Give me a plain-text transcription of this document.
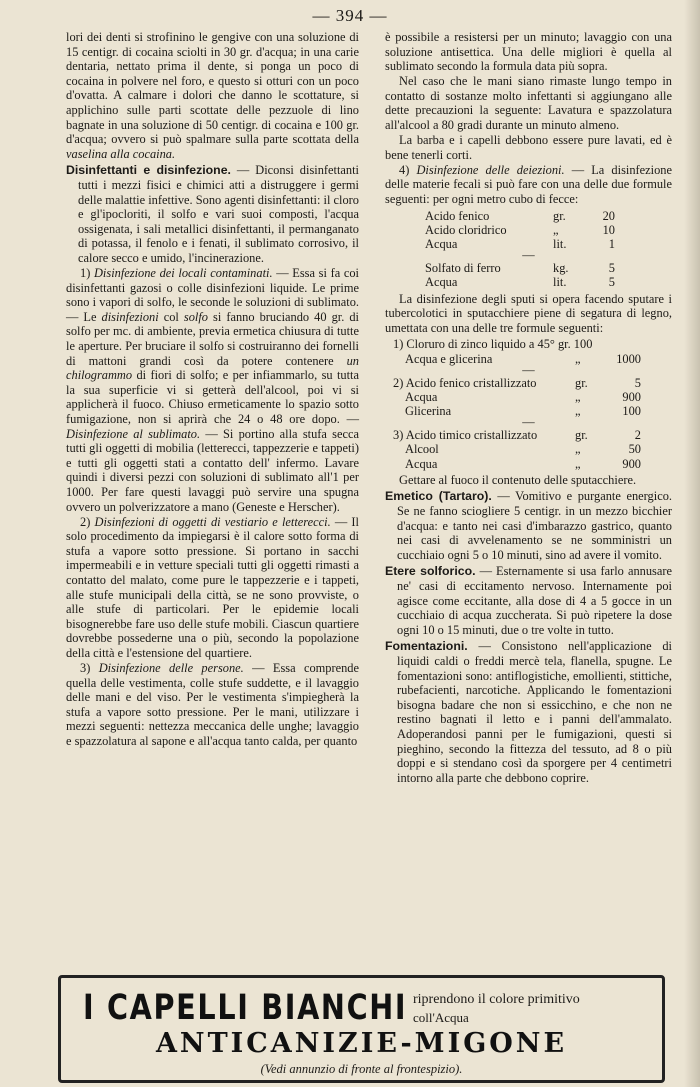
— 394 —

lori dei denti si strofinino le gengive con una soluzione di 15 centigr. di cocaina sciolti in 30 gr. d'acqua; in una carie dentaria, nettato prima il dente, si ponga un poco di cocaina in polvere nel foro, e questo si otturi con un poco d'ovatta. A calmare i dolori che danno le scottature, si applichino sulle parti scottate delle pezzuole di lino bagnate in una soluzione di 50 centigr. di cocaina e 100 gr. d'acqua; ovvero si può spalmare sulla parte scottata della vaselina alla cocaina.

Disinfettanti e disinfezione. — Diconsi disinfettanti tutti i mezzi fisici e chimici atti a distruggere i germi delle malattie infettive. Sono agenti disinfettanti: il cloro e gl'ipocloriti, il solfo e vari suoi composti, l'acqua ossigenata, i sali metallici disinfettanti, il permanganato di potassa, il fenolo e i fenati, il sublimato corrosivo, il calore secco e umido, l'incinerazione.

1) Disinfezione dei locali contaminati. — Essa si fa coi disinfettanti gazosi o colle disinfezioni liquide. Le prime sono i vapori di solfo, le seconde le soluzioni di sublimato. — Le disinfezioni col solfo si fanno bruciando 40 gr. di solfo per mc. di ambiente, previa ermetica chiusura di tutte le aperture. Per bruciare il solfo si costruiranno dei fornelli di mattoni grandi così da potere contenere un chilogrammo di fiori di solfo; e per infiammarlo, su tutta la sua superficie vi si getterà dell'alcool, poi vi si applicherà il fuoco. Chiuso ermeticamente lo spazio sotto fumigazione, non si aprirà che 24 o 48 ore dopo. — Disinfezione al sublimato. — Si portino alla stufa secca tutti gli oggetti di mobilia (letterecci, tappezzerie e tappeti) e tutti gli oggetti stati a contatto dell' infermo. Lavare quindi i diversi pezzi con soluzioni di sublimato all'1 per 1000. Per fare questi lavaggi può servire una spugna ovvero un polverizzatore a mano (Geneste e Herscher).

2) Disinfezioni di oggetti di vestiario e letterecci. — Il solo procedimento da impiegarsi è il calore sotto forma di stufa a vapore sotto pressione. Si portano in sacchi impermeabili e in vetture speciali tutti gli oggetti rimasti a contatto del malato, come pure le tappezzerie e i tappeti, alle stufe municipali della città, se ne sono provviste, o alle stufe di particolari. Per le epidemie locali bisognerebbe fare uso delle stufe mobili. Ciascun quartiere dovrebbe possederne una o più, secondo la popolazione della città e l'estensione del quartiere.

3) Disinfezione delle persone. — Essa comprende quella delle vestimenta, colle stufe suddette, e il lavaggio delle mani e del viso. Per le vestimenta s'impiegherà la stufa a vapore sotto pressione. Per le mani, utilizzare i mezzi seguenti: nettezza meccanica delle unghe; lavaggio e spazzolatura al sapone e all'acqua tanto calda, per quanto

è possibile a resistersi per un minuto; lavaggio con una soluzione antisettica. Una delle migliori è quella al sublimato secondo la formula data più sopra.

Nel caso che le mani siano rimaste lungo tempo in contatto di sostanze molto infettanti si aggiungano alle dette precauzioni la seguente: Lavatura e spazzolatura all'alcool a 80 gradi durante un minuto almeno.

La barba e i capelli debbono essere pure lavati, ed è bene tenerli corti.

4) Disinfezione delle deiezioni. — La disinfezione delle materie fecali si può fare con una delle due formule seguenti: per ogni metro cubo di fecce:

Acido fenico	gr.	20
Acido cloridrico	„	10
Acqua	lit.	1
—
Solfato di ferro	kg.	5
Acqua	lit.	5

La disinfezione degli sputi si opera facendo sputare i tubercolotici in sputacchiere piene di segatura di legno, umettata con una delle tre formule seguenti:

1) Cloruro di zinco liquido a 45° gr. 100
Acqua e glicerina	„	1000
—
2) Acido fenico cristallizzato	gr.	5
Acqua	„	900
Glicerina	„	100
—
3) Acido timico cristallizzato	gr.	2
Alcool	„	50
Acqua	„	900

Gettare al fuoco il contenuto delle sputacchiere.

Emetico (Tartaro). — Vomitivo e purgante energico. Se ne fanno sciogliere 5 centigr. in un mezzo bicchier d'acqua: e tanto nei casi d'imbarazzo gastrico, quanto nei casi di avvelenamento se ne somministri un cucchiaio ogni 5 o 10 minuti, sino ad avere il vomito.

Etere solforico. — Esternamente si usa farlo annusare ne' casi di eccitamento nervoso. Internamente poi agisce come eccitante, alla dose di 4 a 5 gocce in un cucchiaio di acqua zuccherata. Si può ripetere la dose ogni 10 o 15 minuti, due o tre volte in tutto.

Fomentazioni. — Consistono nell'applicazione di liquidi caldi o freddi mercè tela, flanella, spugne. Le fomentazioni sono: antiflogistiche, emollienti, stittiche, rubefacienti, narcotiche. Applicando le fomentazioni bisogna badare che non si essicchino, e che non ne restino bagnati il letto e i panni dell'ammalato. Adoperandosi panni per le fumigazioni, questi si pieghino, secondo la fittezza del tessuto, ad 8 o più doppi e si stendano così da sporgere per 4 centimetri intorno alla parte che debbono coprire.

I CAPELLI BIANCHI riprendono il colore primitivo
coll'Acqua
ANTICANIZIE-MIGONE
(Vedi annunzio di fronte al frontespizio).
